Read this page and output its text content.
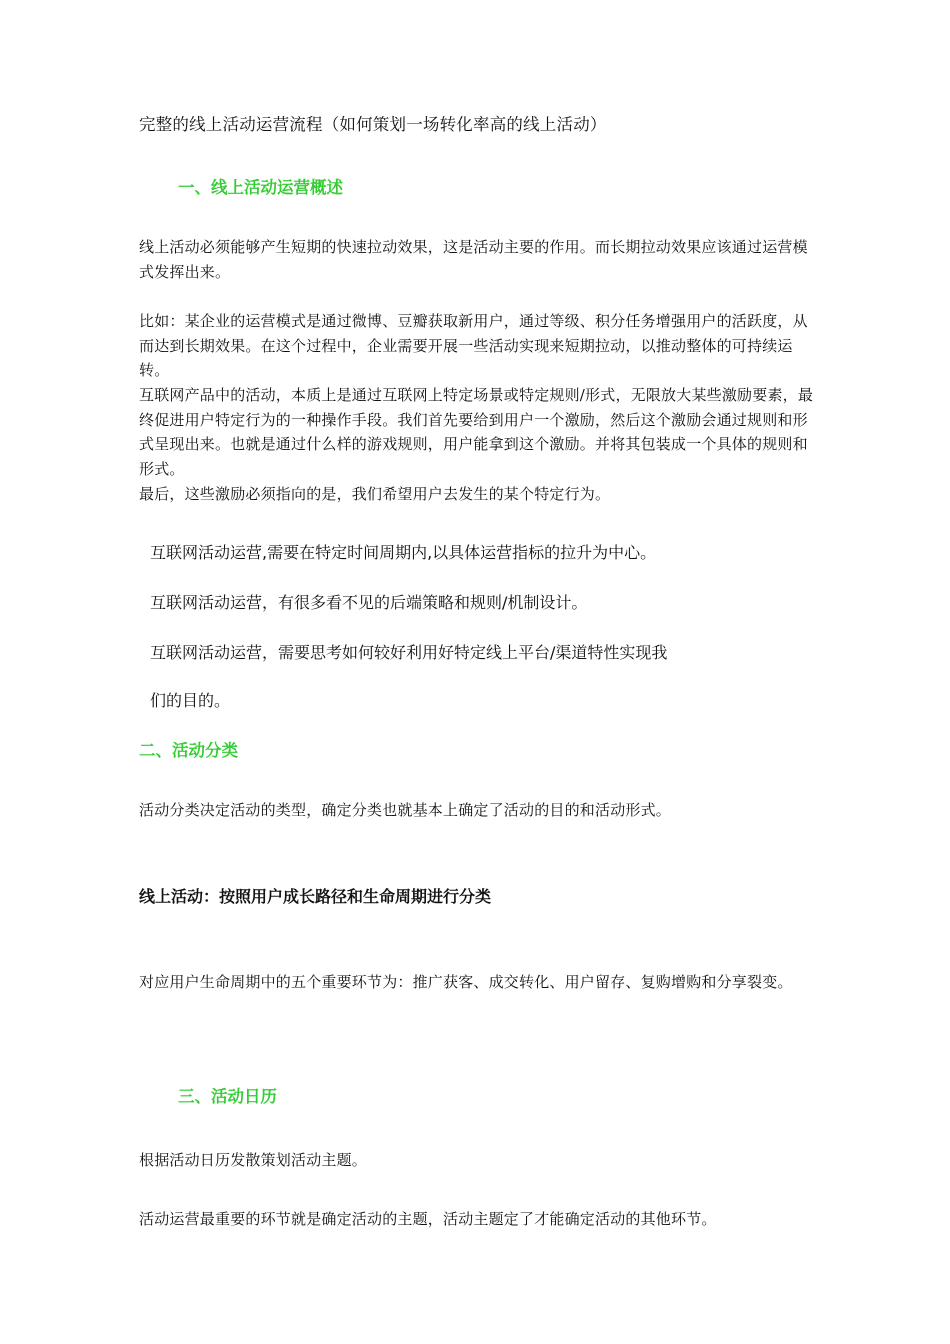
完整的线上活动运营流程（如何策划一场转化率高的线上活动）

一、线上活动运营概述

线上活动必须能够产生短期的快速拉动效果，这是活动主要的作用。而长期拉动效果应该通过运营模式发挥出来。

比如：某企业的运营模式是通过微博、豆瓣获取新用户，通过等级、积分任务增强用户的活跃度，从而达到长期效果。在这个过程中，企业需要开展一些活动实现来短期拉动，以推动整体的可持续运转。

互联网产品中的活动，本质上是通过互联网上特定场景或特定规则/形式，无限放大某些激励要素，最终促进用户特定行为的一种操作手段。我们首先要给到用户一个激励，然后这个激励会通过规则和形式呈现出来。也就是通过什么样的游戏规则，用户能拿到这个激励。并将其包装成一个具体的规则和形式。

最后，这些激励必须指向的是，我们希望用户去发生的某个特定行为。

互联网活动运营,需要在特定时间周期内,以具体运营指标的拉升为中心。

互联网活动运营，有很多看不见的后端策略和规则/机制设计。

互联网活动运营，需要思考如何较好利用好特定线上平台/渠道特性实现我

们的目的。

二、活动分类

活动分类决定活动的类型，确定分类也就基本上确定了活动的目的和活动形式。

线上活动：按照用户成长路径和生命周期进行分类

对应用户生命周期中的五个重要环节为：推广获客、成交转化、用户留存、复购增购和分享裂变。

三、活动日历

根据活动日历发散策划活动主题。

活动运营最重要的环节就是确定活动的主题，活动主题定了才能确定活动的其他环节。
